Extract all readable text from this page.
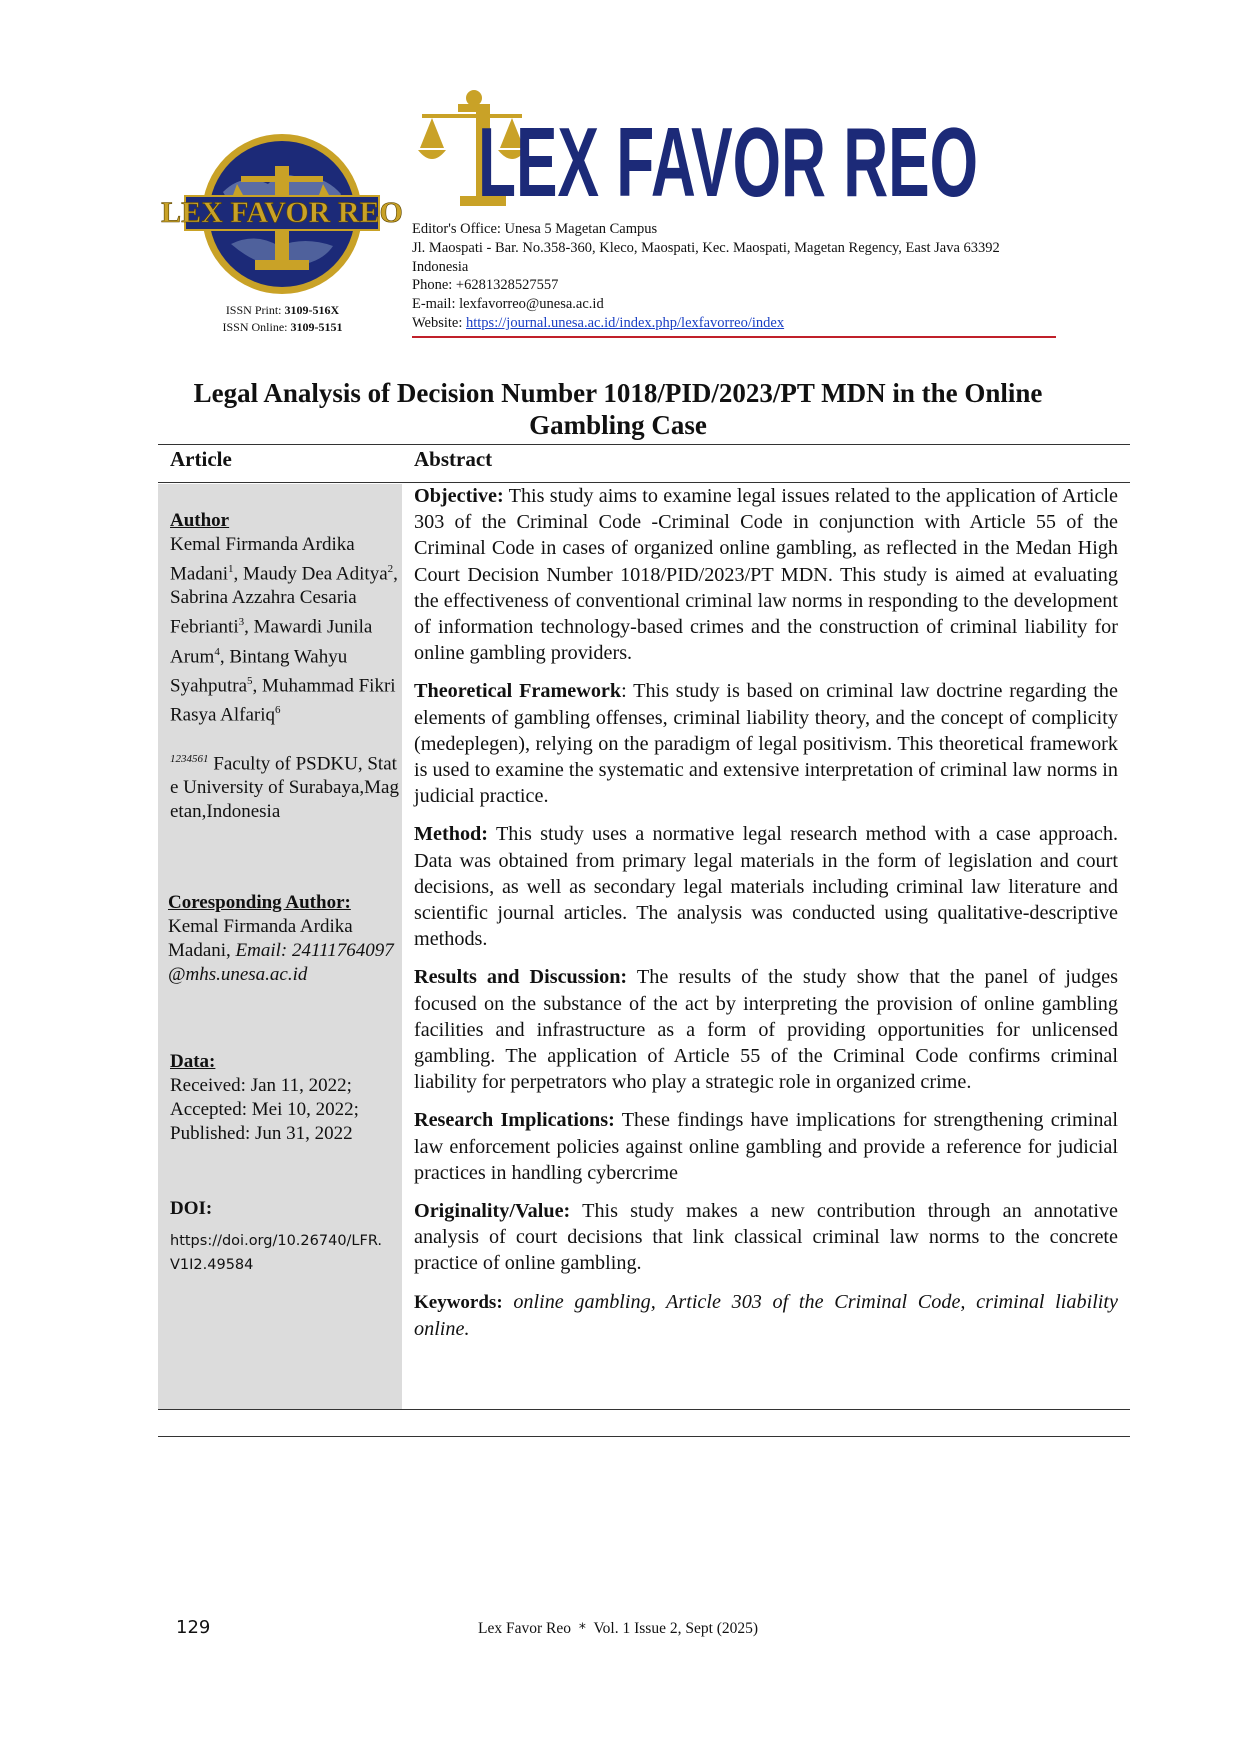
LEX FAVOR REO LEX FAVOR REO
ISSN Print: 3109-516X
ISSN Online: 3109-5151
Editor's Office: Unesa 5 Magetan Campus
Jl. Maospati - Bar. No.358-360, Kleco, Maospati, Kec. Maospati, Magetan Regency, East Java 63392
Indonesia
Phone: +6281328527557
E-mail: lexfavorreo@unesa.ac.id
Website: https://journal.unesa.ac.id/index.php/lexfavorreo/index
Legal Analysis of Decision Number 1018/PID/2023/PT MDN in the Online Gambling Case
Article	Abstract
Author
Kemal Firmanda Ardika Madani$^1$, Maudy Dea Aditya$^2$, Sabrina Azzahra Cesaria Febrianti$^3$, Mawardi Junila Arum$^4$, Bintang Wahyu Syahputra$^5$, Muhammad Fikri Rasya Alfariq$^6$
$^{1234561}$ Faculty of PSDKU, State University of Surabaya,Magetan,Indonesia
Coresponding Author:
Kemal Firmanda Ardika Madani, Email: 24111764097@mhs.unesa.ac.id
Data:
Received: Jan 11, 2022;
Accepted: Mei 10, 2022;
Published: Jun 31, 2022
DOI:
https://doi.org/10.26740/LFR.V1I2.49584

Objective: This study aims to examine legal issues related to the application of Article 303 of the Criminal Code -Criminal Code in conjunction with Article 55 of the Criminal Code in cases of organized online gambling, as reflected in the Medan High Court Decision Number 1018/PID/2023/PT MDN. This study is aimed at evaluating the effectiveness of conventional criminal law norms in responding to the development of information technology-based crimes and the construction of criminal liability for online gambling providers.

Theoretical Framework: This study is based on criminal law doctrine regarding the elements of gambling offenses, criminal liability theory, and the concept of complicity (medeplegen), relying on the paradigm of legal positivism. This theoretical framework is used to examine the systematic and extensive interpretation of criminal law norms in judicial practice.

Method: This study uses a normative legal research method with a case approach. Data was obtained from primary legal materials in the form of legislation and court decisions, as well as secondary legal materials including criminal law literature and scientific journal articles. The analysis was conducted using qualitative-descriptive methods.

Results and Discussion: The results of the study show that the panel of judges focused on the substance of the act by interpreting the provision of online gambling facilities and infrastructure as a form of providing opportunities for unlicensed gambling. The application of Article 55 of the Criminal Code confirms criminal liability for perpetrators who play a strategic role in organized crime.

Research Implications: These findings have implications for strengthening criminal law enforcement policies against online gambling and provide a reference for judicial practices in handling cybercrime

Originality/Value: This study makes a new contribution through an annotative analysis of court decisions that link classical criminal law norms to the concrete practice of online gambling.

Keywords: online gambling, Article 303 of the Criminal Code, criminal liability online.

129	Lex Favor Reo * Vol. 1 Issue 2, Sept (2025)
